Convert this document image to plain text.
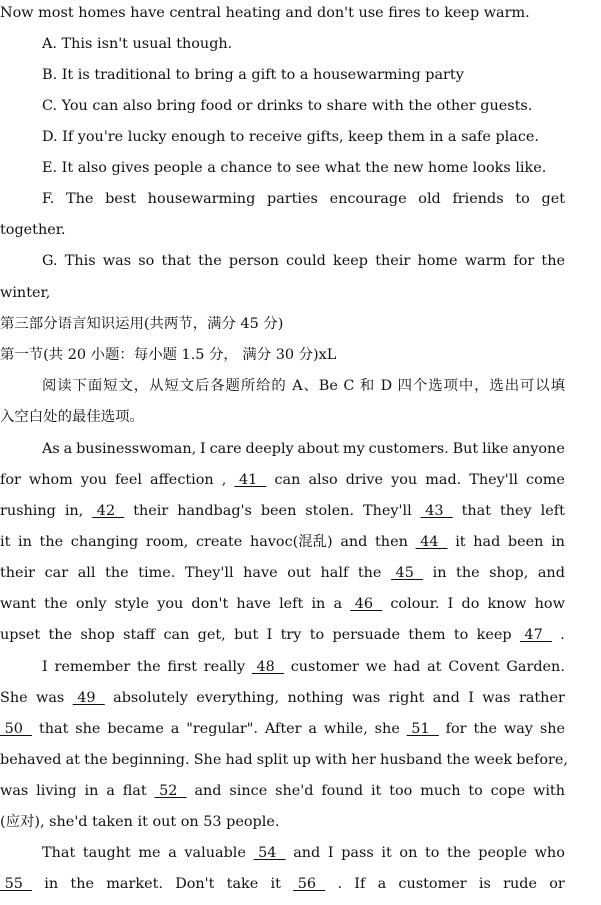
Now most homes have central heating and don't use fires to keep warm.
A. This isn't usual though.
B. It is traditional to bring a gift to a housewarming party
C. You can also bring food or drinks to share with the other guests.
D. If you're lucky enough to receive gifts, keep them in a safe place.
E. It also gives people a chance to see what the new home looks like.
F. The best housewarming parties encourage old friends to get
together.
G. This was so that the person could keep their home warm for the
winter,
第三部分语言知识运用(共两节，满分 45 分)
第一节(共 20 小题：每小题 1.5 分， 满分 30 分)xL
阅读下面短文，从短文后各题所给的 A、Be C 和 D 四个选项中，选出可以填
入空白处的最佳选项。
As a businesswoman, I care deeply about my customers. But like anyone
for whom you feel affection , 41 can also drive you mad. They'll come
rushing in, 42 their handbag's been stolen. They'll 43 that they left
it in the changing room, create havoc(混乱) and then 44 it had been in
their car all the time. They'll have out half the 45 in the shop, and
want the only style you don't have left in a 46 colour. I do know how
upset the shop staff can get, but I try to persuade them to keep 47 .
I remember the first really 48 customer we had at Covent Garden.
She was 49 absolutely everything, nothing was right and I was rather
50 that she became a "regular". After a while, she 51 for the way she
behaved at the beginning. She had split up with her husband the week before,
was living in a flat 52 and since she'd found it too much to cope with
(应对), she'd taken it out on 53 people.
That taught me a valuable 54 and I pass it on to the people who
55 in the market. Don't take it 56 . If a customer is rude or
